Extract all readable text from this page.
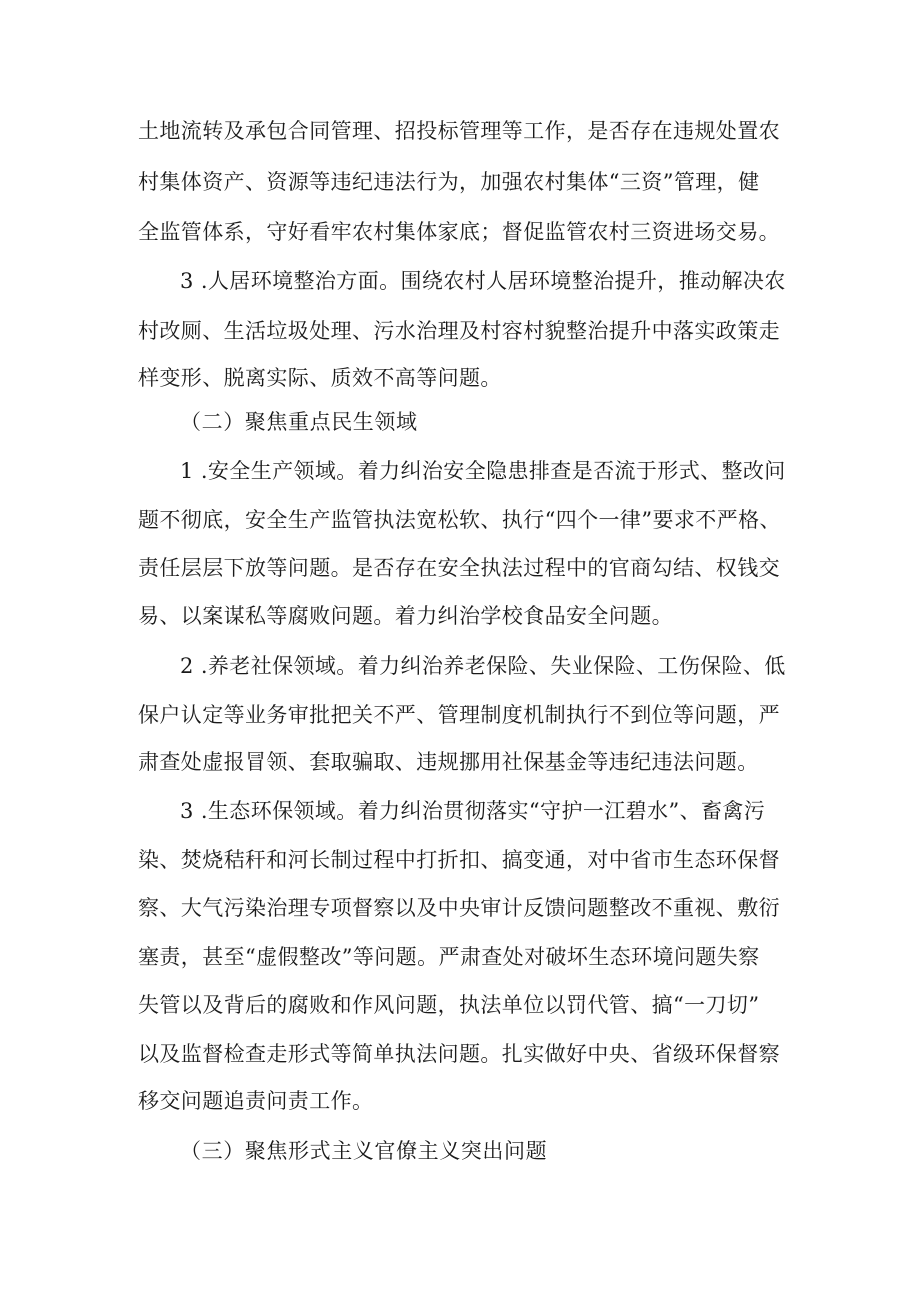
土地流转及承包合同管理、招投标管理等工作，是否存在违规处置农

村集体资产、资源等违纪违法行为，加强农村集体“三资”管理，健

全监管体系，守好看牢农村集体家底；督促监管农村三资进场交易。

3 .人居环境整治方面。围绕农村人居环境整治提升，推动解决农

村改厕、生活垃圾处理、污水治理及村容村貌整治提升中落实政策走

样变形、脱离实际、质效不高等问题。

（二）聚焦重点民生领域

1 .安全生产领域。着力纠治安全隐患排查是否流于形式、整改问

题不彻底，安全生产监管执法宽松软、执行“四个一律”要求不严格、

责任层层下放等问题。是否存在安全执法过程中的官商勾结、权钱交

易、以案谋私等腐败问题。着力纠治学校食品安全问题。

2 .养老社保领域。着力纠治养老保险、失业保险、工伤保险、低

保户认定等业务审批把关不严、管理制度机制执行不到位等问题，严

肃查处虚报冒领、套取骗取、违规挪用社保基金等违纪违法问题。

3 .生态环保领域。着力纠治贯彻落实“守护一江碧水”、畜禽污

染、焚烧秸秆和河长制过程中打折扣、搞变通，对中省市生态环保督

察、大气污染治理专项督察以及中央审计反馈问题整改不重视、敷衍

塞责，甚至“虚假整改”等问题。严肃查处对破坏生态环境问题失察

失管以及背后的腐败和作风问题，执法单位以罚代管、搞“一刀切”

以及监督检查走形式等简单执法问题。扎实做好中央、省级环保督察

移交问题追责问责工作。

（三）聚焦形式主义官僚主义突出问题
